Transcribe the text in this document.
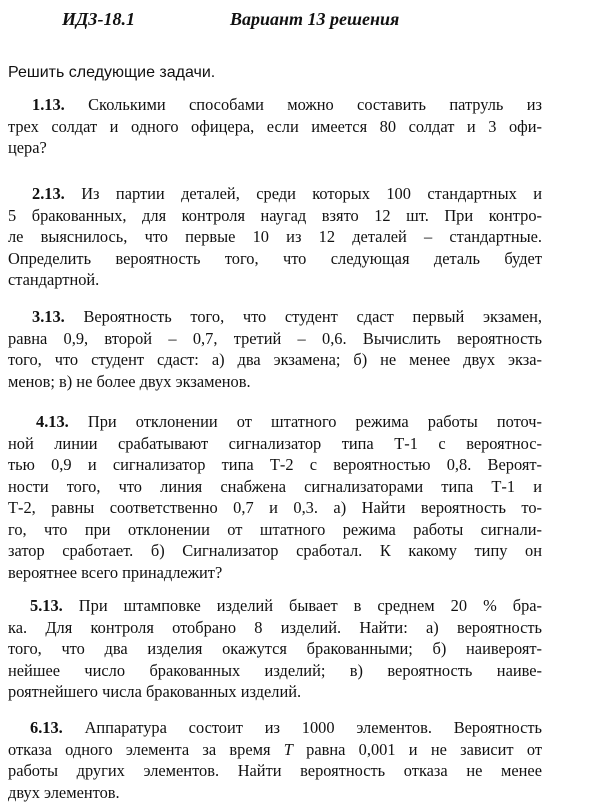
ИДЗ-18.1	Вариант 13 решения
Решить следующие задачи.
1.13. Сколькими способами можно составить патруль из
трех солдат и одного офицера, если имеется 80 солдат и 3 офи-
цера?
2.13. Из партии деталей, среди которых 100 стандартных и
5 бракованных, для контроля наугад взято 12 шт. При контро-
ле выяснилось, что первые 10 из 12 деталей – стандартные.
Определить вероятность того, что следующая деталь будет
стандартной.
3.13. Вероятность того, что студент сдаст первый экзамен,
равна 0,9, второй – 0,7, третий – 0,6. Вычислить вероятность
того, что студент сдаст: а) два экзамена; б) не менее двух экза-
менов; в) не более двух экзаменов.
4.13. При отклонении от штатного режима работы поточ-
ной линии срабатывают сигнализатор типа Т-1 с вероятнос-
тью 0,9 и сигнализатор типа Т-2 с вероятностью 0,8. Вероят-
ности того, что линия снабжена сигнализаторами типа Т-1 и
Т-2, равны соответственно 0,7 и 0,3. а) Найти вероятность то-
го, что при отклонении от штатного режима работы сигнали-
затор сработает. б) Сигнализатор сработал. К какому типу он
вероятнее всего принадлежит?
5.13. При штамповке изделий бывает в среднем 20 % бра-
ка. Для контроля отобрано 8 изделий. Найти: а) вероятность
того, что два изделия окажутся бракованными; б) наивероят-
нейшее число бракованных изделий; в) вероятность наиве-
роятнейшего числа бракованных изделий.
6.13. Аппаратура состоит из 1000 элементов. Вероятность
отказа одного элемента за время T равна 0,001 и не зависит от
работы других элементов. Найти вероятность отказа не менее
двух элементов.
